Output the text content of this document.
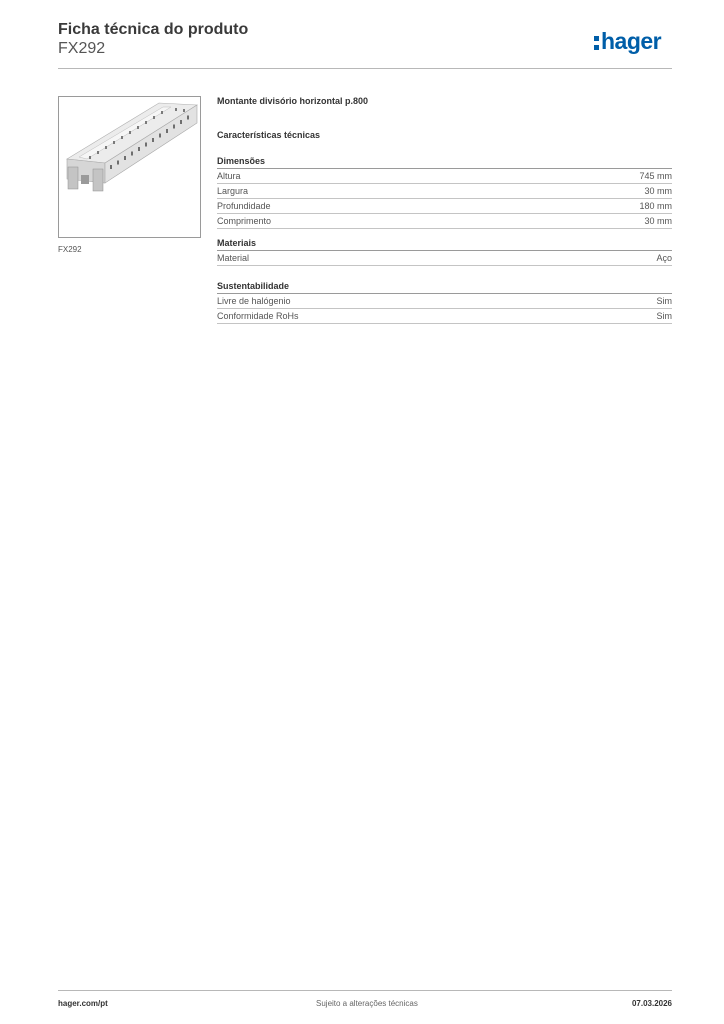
Ficha técnica do produto
FX292	hager
FX292
Montante divisório horizontal p.800
Características técnicas
Dimensões
Altura	745 mm
Largura	30 mm
Profundidade	180 mm
Comprimento	30 mm
Materiais
Material	Aço
Sustentabilidade
Livre de halógenio	Sim
Conformidade RoHs	Sim
hager.com/pt	Sujeito a alterações técnicas	07.03.2026
